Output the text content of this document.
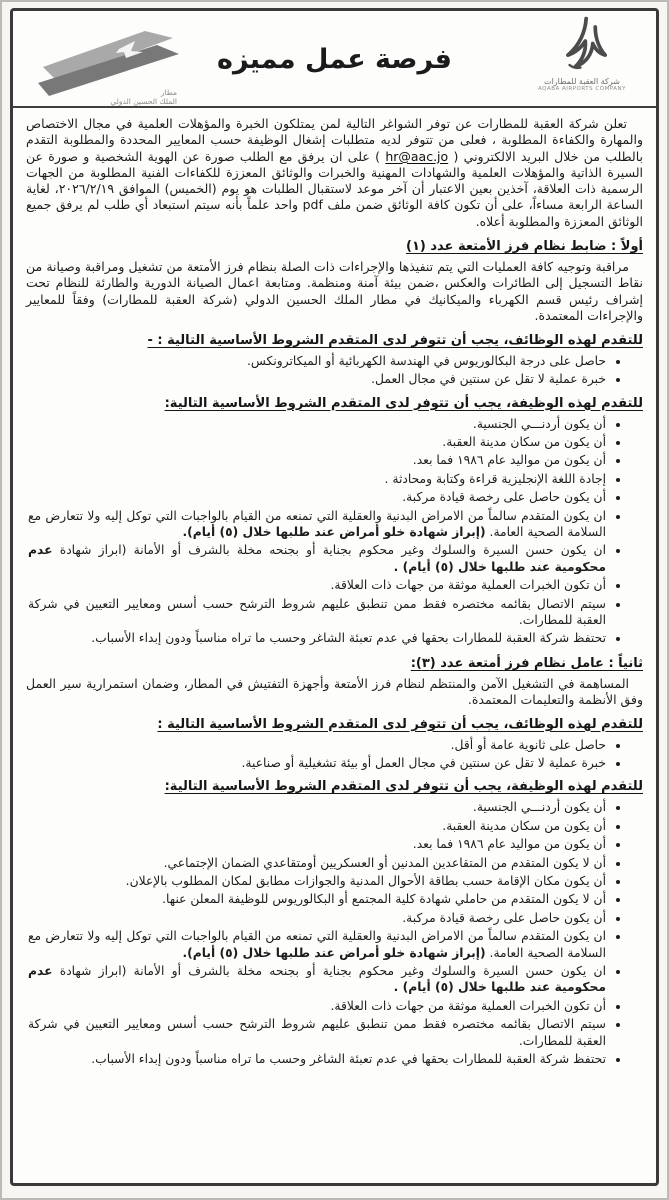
مطار
الملك الحسين الدولي
فرصة عمل مميزه
شركة العقبة للمطارات
AQABA AIRPORTS COMPANY

تعلن شركة العقبة للمطارات عن توفر الشواغر التالية لمن يمتلكون الخبرة والمؤهلات العلمية في مجال الاختصاص والمهارة والكفاءة المطلوبة ، فعلى من تتوفر لديه متطلبات إشغال الوظيفة حسب المعايير المحددة والمطلوبة التقدم بالطلب من خلال البريد الالكتروني ( hr@aac.jo ) على ان يرفق مع الطلب صورة عن الهوية الشخصية و صورة عن السيرة الذاتية والمؤهلات العلمية والشهادات المهنية والخبرات والوثائق المعززة للكفاءات الفنية المطلوبة من الجهات الرسمية ذات العلاقة، آخذين بعين الاعتبار أن آخر موعد لاستقبال الطلبات هو يوم (الخميس) الموافق ٢٠٢٦/٢/١٩، لغاية الساعة الرابعة مساءاً، على أن تكون كافة الوثائق ضمن ملف pdf واحد علماً بأنه سيتم استبعاد أي طلب لم يرفق جميع الوثائق المعززة والمطلوبة أعلاه.

أولاً : ضابط نظام فرز الأمتعة عدد (١)

مراقبة وتوجيه كافة العمليات التي يتم تنفيذها والإجراءات ذات الصلة بنظام فرز الأمتعة من تشغيل ومراقبة وصيانة من نقاط التسجيل إلى الطائرات والعكس ،ضمن بيئة آمنة ومنظمة. ومتابعة اعمال الصيانة الدورية والطارئة للنظام تحت إشراف رئيس قسم الكهرباء والميكانيك في مطار الملك الحسين الدولي (شركة العقبة للمطارات) وفقاً للمعايير والإجراءات المعتمدة.

للتقدم لهذه الوظائف، يجب أن تتوفر لدى المتقدم الشروط الأساسية التالية : -
• حاصل على درجة البكالوريوس في الهندسة الكهربائية أو الميكاترونكس.
• خبرة عملية لا تقل عن سنتين في مجال العمل.
للتقدم لهذه الوظيفة، يجب أن تتوفر لدى المتقدم الشروط الأساسية التالية:
• أن يكون أردنـــي الجنسية.
• أن يكون من سكان مدينة العقبة.
• أن يكون من مواليد عام ١٩٨٦ فما بعد.
• إجادة اللغة الإنجليزية قراءة وكتابة ومحادثة .
• أن يكون حاصل على رخصة قيادة مركبة.
• ان يكون المتقدم سالماً من الامراض البدنية والعقلية التي تمنعه من القيام بالواجبات التي توكل إليه ولا تتعارض مع السلامة الصحية العامة. (إبراز شهادة خلو أمراض عند طلبها خلال (٥) أيام).
• ان يكون حسن السيرة والسلوك وغير محكوم بجناية أو بجنحه مخلة بالشرف أو الأمانة (ابراز شهادة عدم محكومية عند طلبها خلال (٥) أيام) .
• أن تكون الخبرات العملية موثقة من جهات ذات العلاقة.
• سيتم الاتصال بقائمه مختصره فقط ممن تنطبق عليهم شروط الترشح حسب أسس ومعايير التعيين في شركة العقبة للمطارات.
• تحتفظ شركة العقبة للمطارات بحقها في عدم تعبئة الشاغر وحسب ما تراه مناسباً ودون إبداء الأسباب.
ثانياً : عامل نظام فرز أمتعة عدد (٣):

المساهمة في التشغيل الآمن والمنتظم لنظام فرز الأمتعة وأجهزة التفتيش في المطار، وضمان استمرارية سير العمل وفق الأنظمة والتعليمات المعتمدة.

للتقدم لهذه الوظائف، يجب أن تتوفر لدى المتقدم الشروط الأساسية التالية :
• حاصل على ثانوية عامة أو أقل.
• خبرة عملية لا تقل عن سنتين في مجال العمل أو بيئة تشغيلية أو صناعية.
للتقدم لهذه الوظيفة، يجب أن تتوفر لدى المتقدم الشروط الأساسية التالية:
• أن يكون أردنـــي الجنسية.
• أن يكون من سكان مدينة العقبة.
• أن يكون من مواليد عام ١٩٨٦ فما بعد.
• أن لا يكون المتقدم من المتقاعدين المدنين أو العسكريين أومتقاعدي الضمان الإجتماعي.
• أن يكون مكان الإقامة حسب بطاقة الأحوال المدنية والجوازات مطابق لمكان المطلوب بالإعلان.
• أن لا يكون المتقدم من حاملي شهادة كلية المجتمع أو البكالوريوس للوظيفة المعلن عنها.
• أن يكون حاصل على رخصة قيادة مركبة.
• ان يكون المتقدم سالماً من الامراض البدنية والعقلية التي تمنعه من القيام بالواجبات التي توكل إليه ولا تتعارض مع السلامة الصحية العامة. (إبراز شهادة خلو أمراض عند طلبها خلال (٥) أيام).
• ان يكون حسن السيرة والسلوك وغير محكوم بجناية أو بجنحه مخلة بالشرف أو الأمانة (ابراز شهادة عدم محكومية عند طلبها خلال (٥) أيام) .
• أن تكون الخبرات العملية موثقة من جهات ذات العلاقة.
• سيتم الاتصال بقائمه مختصره فقط ممن تنطبق عليهم شروط الترشح حسب أسس ومعايير التعيين في شركة العقبة للمطارات.
• تحتفظ شركة العقبة للمطارات بحقها في عدم تعبئة الشاغر وحسب ما تراه مناسباً ودون إبداء الأسباب.
